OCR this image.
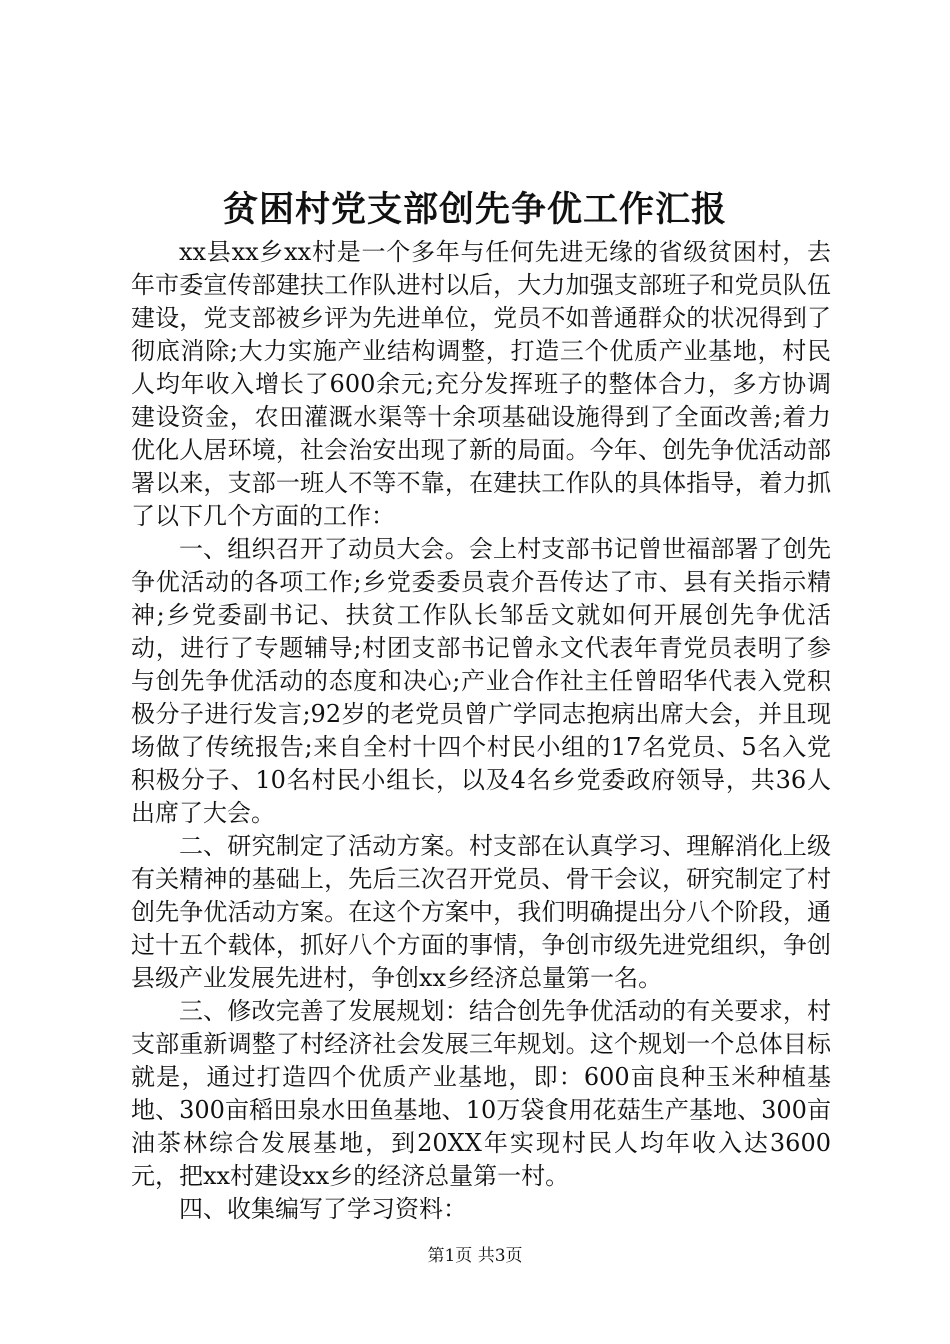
贫困村党支部创先争优工作汇报

xx县xx乡xx村是一个多年与任何先进无缘的省级贫困村，去年市委宣传部建扶工作队进村以后，大力加强支部班子和党员队伍建设，党支部被乡评为先进单位，党员不如普通群众的状况得到了彻底消除;大力实施产业结构调整，打造三个优质产业基地，村民人均年收入增长了600余元;充分发挥班子的整体合力，多方协调建设资金，农田灌溉水渠等十余项基础设施得到了全面改善;着力优化人居环境，社会治安出现了新的局面。今年、创先争优活动部署以来，支部一班人不等不靠，在建扶工作队的具体指导，着力抓了以下几个方面的工作：

一、组织召开了动员大会。会上村支部书记曾世福部署了创先争优活动的各项工作;乡党委委员袁介吾传达了市、县有关指示精神;乡党委副书记、扶贫工作队长邹岳文就如何开展创先争优活动，进行了专题辅导;村团支部书记曾永文代表年青党员表明了参与创先争优活动的态度和决心;产业合作社主任曾昭华代表入党积极分子进行发言;92岁的老党员曾广学同志抱病出席大会，并且现场做了传统报告;来自全村十四个村民小组的17名党员、5名入党积极分子、10名村民小组长，以及4名乡党委政府领导，共36人出席了大会。

二、研究制定了活动方案。村支部在认真学习、理解消化上级有关精神的基础上，先后三次召开党员、骨干会议，研究制定了村创先争优活动方案。在这个方案中，我们明确提出分八个阶段，通过十五个载体，抓好八个方面的事情，争创市级先进党组织，争创县级产业发展先进村，争创xx乡经济总量第一名。

三、修改完善了发展规划：结合创先争优活动的有关要求，村支部重新调整了村经济社会发展三年规划。这个规划一个总体目标就是，通过打造四个优质产业基地，即：600亩良种玉米种植基地、300亩稻田泉水田鱼基地、10万袋食用花菇生产基地、300亩油茶林综合发展基地，到20XX年实现村民人均年收入达3600元，把xx村建设xx乡的经济总量第一村。

四、收集编写了学习资料：

第1页 共3页
